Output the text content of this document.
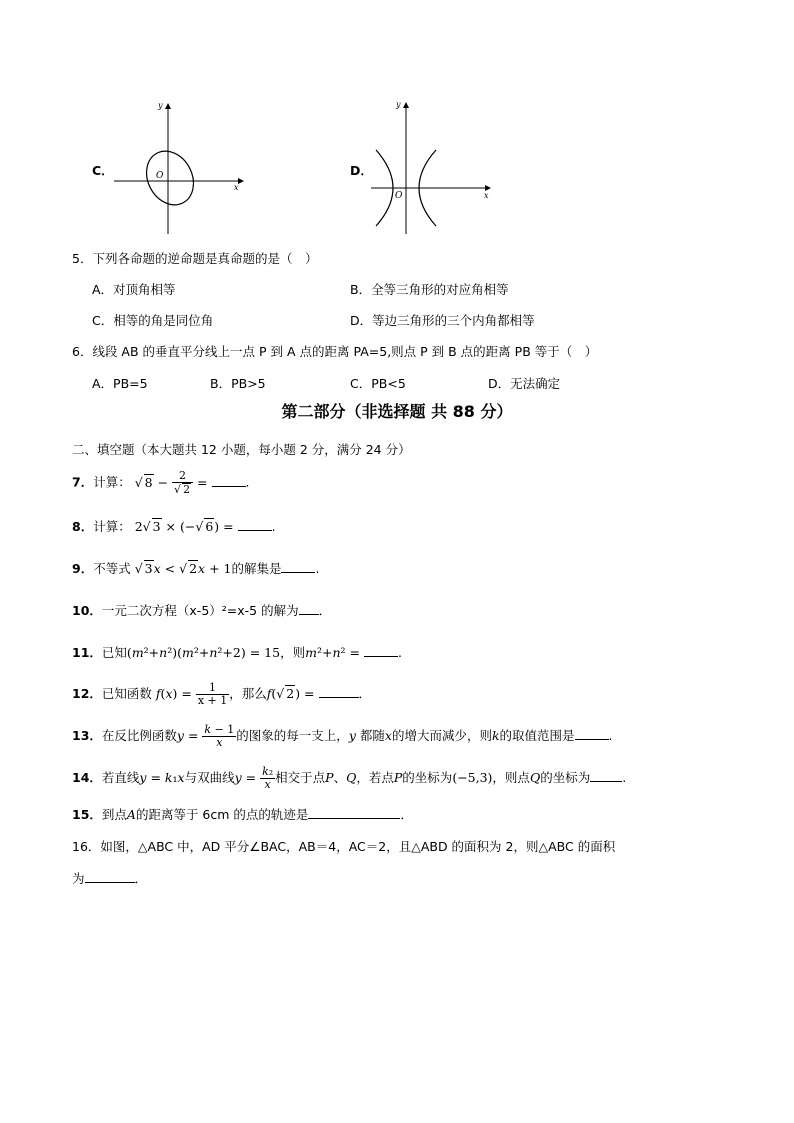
C．	O
x
y
D．
O	x
y
5．下列各命题的逆命题是真命题的是（　）
A．对顶角相等	B．全等三角形的对应角相等
C．相等的角是同位角	D．等边三角形的三个内角都相等
6．线段 AB 的垂直平分线上一点 P 到 A 点的距离 PA=5,则点 P 到 B 点的距离 PB 等于（　）
A．PB=5	B．PB>5	C．PB<5	D．无法确定
第二部分（非选择题 共 88 分）
二、填空题（本大题共 12 小题，每小题 2 分，满分 24 分）
7．计算： √ $8 - \frac{2}{√ 2}$ =	.
8．计算： 2√ 3 × (−√ 6) =	.
9．不等式 √ 3x < √ 2x + 1的解集是	.
10．一元二次方程（x-5）²=x-5 的解为 ．
11．已知(m²+n²)(m²+n²+2) = 15，则m²+n² =	.
12．已知函数 $f(x) = \frac{1}{x + 1}$ ，那么f(√ 2) =	．
13．在反比例函数$y = \frac{k - 1}{x}$ 的图象的每一支上，y 都随x的增大而减少，则k的取值范围是	.
14．若直线y = k₁x与双曲线$y = \frac{\text{k₂}}{x}$ 相交于点P、Q，若点P的坐标为(−5,3)，则点Q的坐标为	.
15．到点A的距离等于 6cm 的点的轨迹是	．
16．如图，△ABC 中，AD 平分∠BAC，AB＝4，AC＝2，且△ABD 的面积为 2，则△ABC 的面积
为	．
